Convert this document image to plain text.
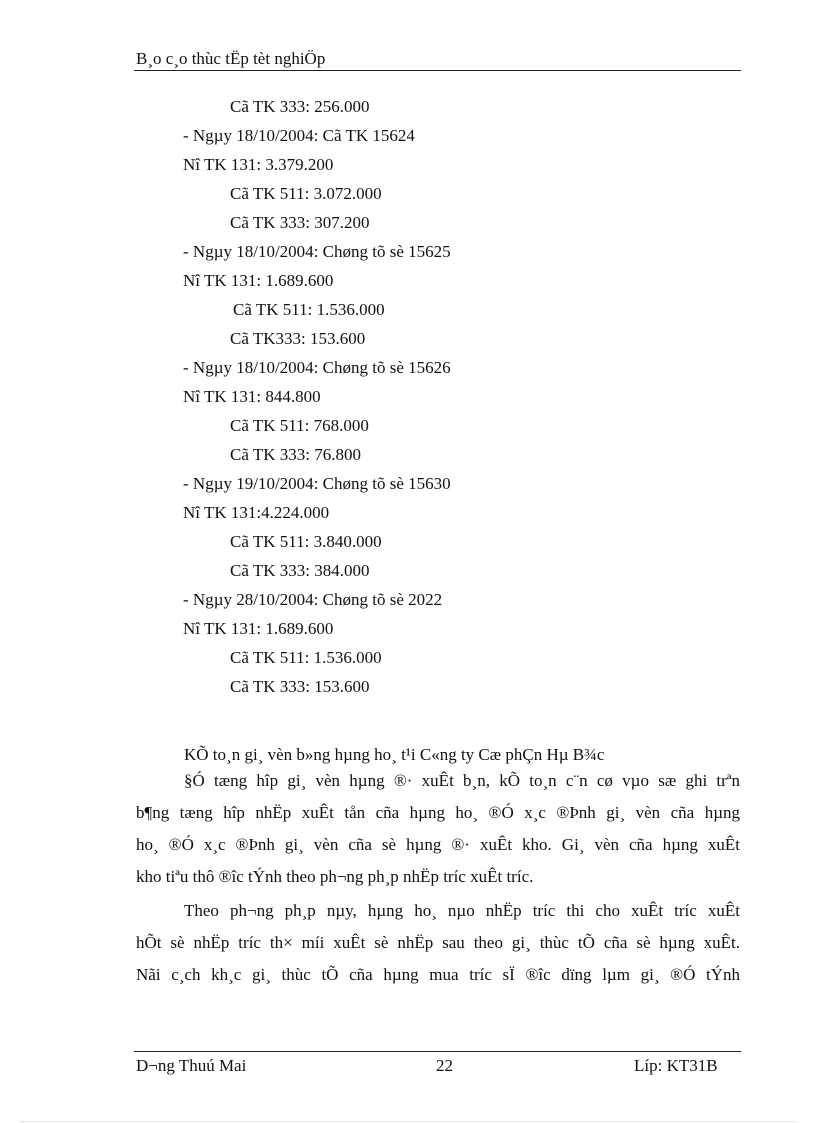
B¸o c¸o thùc tËp tèt nghiÖp
Cã TK 333: 256.000
- Ngµy 18/10/2004: Cã TK 15624
Nî TK 131: 3.379.200
Cã TK 511: 3.072.000
Cã TK 333: 307.200
- Ngµy 18/10/2004: Chøng tõ sè 15625
Nî TK 131: 1.689.600
Cã TK 511: 1.536.000
Cã TK333: 153.600
- Ngµy 18/10/2004: Chøng tõ sè 15626
Nî TK 131: 844.800
Cã TK 511: 768.000
Cã TK 333: 76.800
- Ngµy 19/10/2004: Chøng tõ sè 15630
Nî TK 131:4.224.000
Cã TK 511: 3.840.000
Cã TK 333: 384.000
- Ngµy 28/10/2004: Chøng tõ sè 2022
Nî TK 131: 1.689.600
Cã TK 511: 1.536.000
Cã TK 333: 153.600
KÕ to¸n gi¸ vèn b»ng hµng ho¸ t¹i C«ng ty Cæ phÇn Hµ B¾c
§Ó tæng hîp gi¸ vèn hµng ®· xuÊt b¸n, kÕ to¸n c¨n cø vµo sæ ghi trªn
b¶ng tæng hîp nhËp xuÊt tån cña hµng ho¸ ®Ó x¸c ®Þnh gi¸ vèn cña hµng
ho¸ ®Ó x¸c ®Þnh gi¸ vèn cña sè hµng ®· xuÊt kho. Gi¸ vèn cña hµng xuÊt
kho tiªu thô ®îc tÝnh theo ph¬ng ph¸p nhËp tríc xuÊt tríc.
Theo ph¬ng ph¸p nµy, hµng ho¸ nµo nhËp tríc thi cho xuÊt tríc xuÊt
hÕt sè nhËp tríc th× míi xuÊt sè nhËp sau theo gi¸ thùc tÕ cña sè hµng xuÊt.
Nãi c¸ch kh¸c gi¸ thùc tÕ cña hµng mua tríc sÏ ®îc dïng lµm gi¸ ®Ó tÝnh
D¬ng Thuú Mai	22	Líp: KT31B
